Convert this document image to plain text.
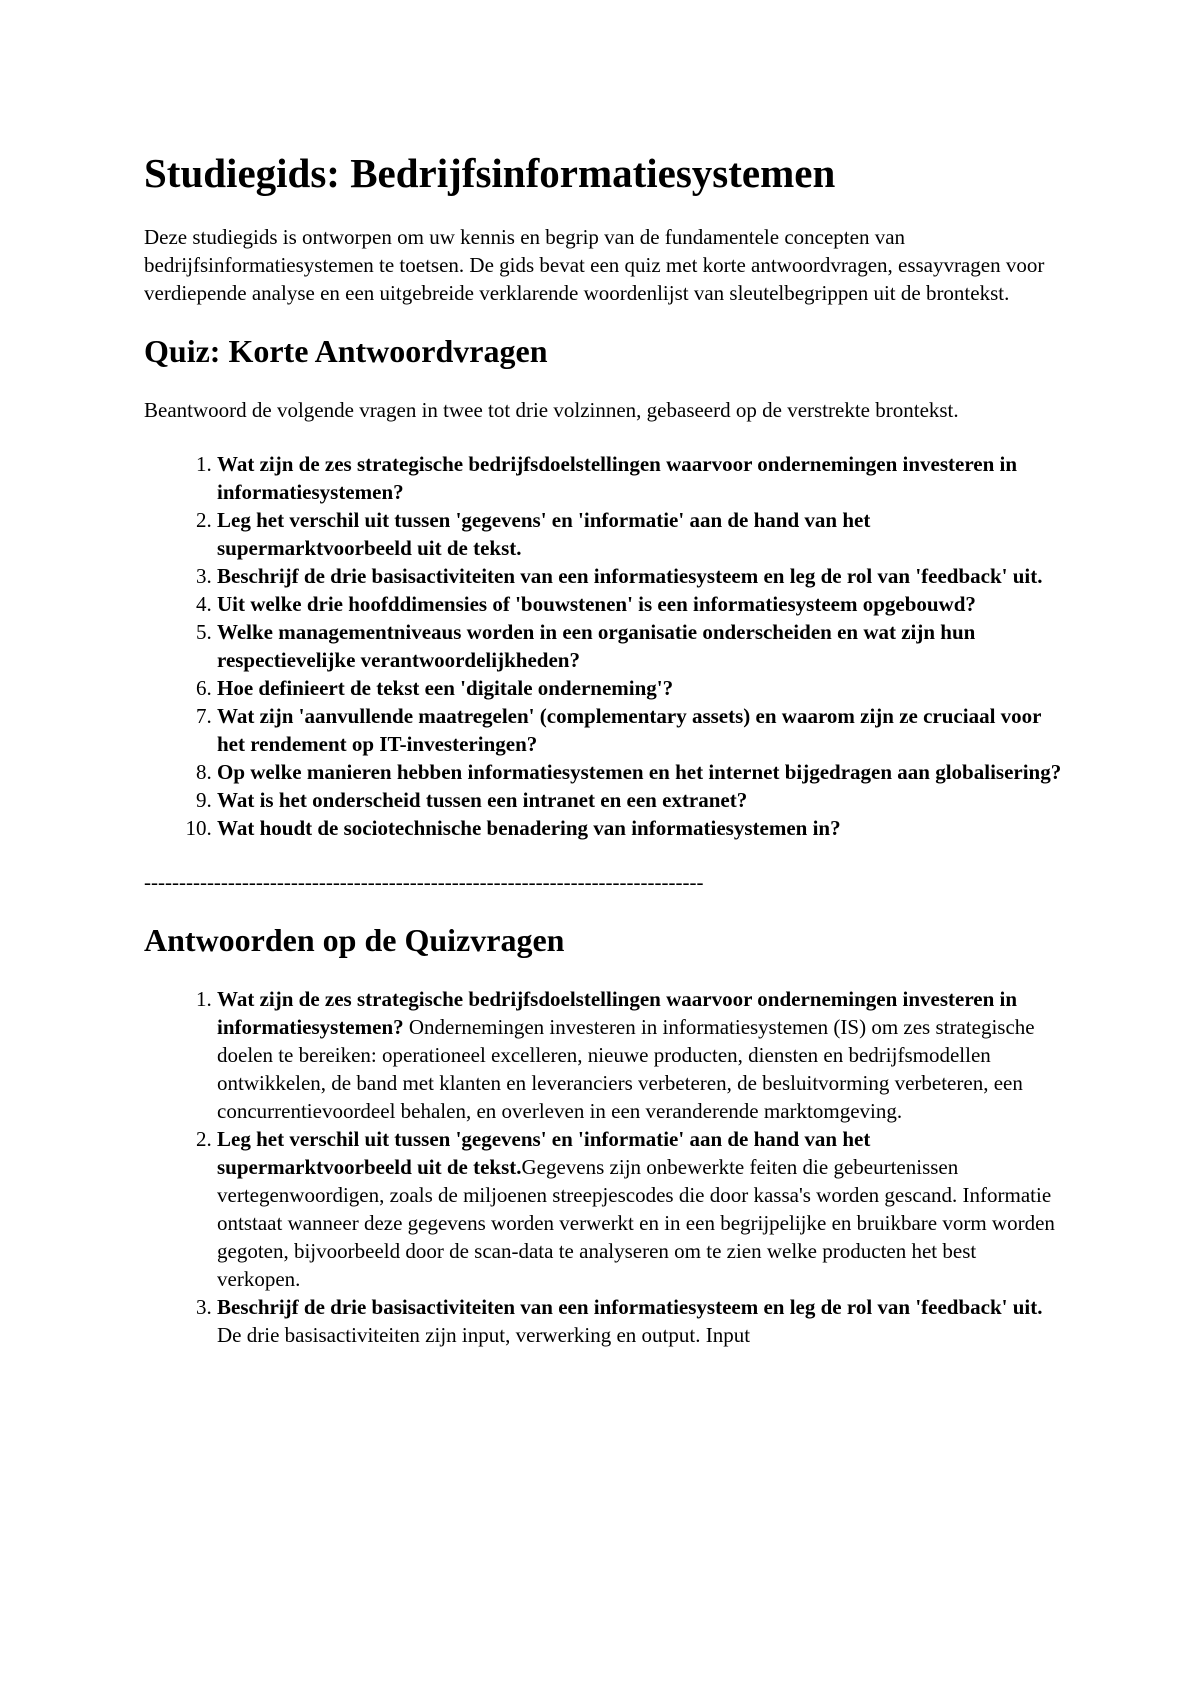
Studiegids: Bedrijfsinformatiesystemen

Deze studiegids is ontworpen om uw kennis en begrip van de fundamentele concepten van bedrijfsinformatiesystemen te toetsen. De gids bevat een quiz met korte antwoordvragen, essayvragen voor verdiepende analyse en een uitgebreide verklarende woordenlijst van sleutelbegrippen uit de brontekst.

Quiz: Korte Antwoordvragen

Beantwoord de volgende vragen in twee tot drie volzinnen, gebaseerd op de verstrekte brontekst.

1. Wat zijn de zes strategische bedrijfsdoelstellingen waarvoor ondernemingen investeren in informatiesystemen?
2. Leg het verschil uit tussen 'gegevens' en 'informatie' aan de hand van het supermarktvoorbeeld uit de tekst.
3. Beschrijf de drie basisactiviteiten van een informatiesysteem en leg de rol van 'feedback' uit.
4. Uit welke drie hoofddimensies of 'bouwstenen' is een informatiesysteem opgebouwd?
5. Welke managementniveaus worden in een organisatie onderscheiden en wat zijn hun respectievelijke verantwoordelijkheden?
6. Hoe definieert de tekst een 'digitale onderneming'?
7. Wat zijn 'aanvullende maatregelen' (complementary assets) en waarom zijn ze cruciaal voor het rendement op IT-investeringen?
8. Op welke manieren hebben informatiesystemen en het internet bijgedragen aan globalisering?
9. Wat is het onderscheid tussen een intranet en een extranet?
10. Wat houdt de sociotechnische benadering van informatiesystemen in?
--------------------------------------------------------------------------------
Antwoorden op de Quizvragen
1. Wat zijn de zes strategische bedrijfsdoelstellingen waarvoor ondernemingen investeren in informatiesystemen? Ondernemingen investeren in informatiesystemen (IS) om zes strategische doelen te bereiken: operationeel excelleren, nieuwe producten, diensten en bedrijfsmodellen ontwikkelen, de band met klanten en leveranciers verbeteren, de besluitvorming verbeteren, een concurrentievoordeel behalen, en overleven in een veranderende marktomgeving.
2. Leg het verschil uit tussen 'gegevens' en 'informatie' aan de hand van het supermarktvoorbeeld uit de tekst.Gegevens zijn onbewerkte feiten die gebeurtenissen vertegenwoordigen, zoals de miljoenen streepjescodes die door kassa's worden gescand. Informatie ontstaat wanneer deze gegevens worden verwerkt en in een begrijpelijke en bruikbare vorm worden gegoten, bijvoorbeeld door de scan-data te analyseren om te zien welke producten het best verkopen.
3. Beschrijf de drie basisactiviteiten van een informatiesysteem en leg de rol van 'feedback' uit. De drie basisactiviteiten zijn input, verwerking en output. Input
